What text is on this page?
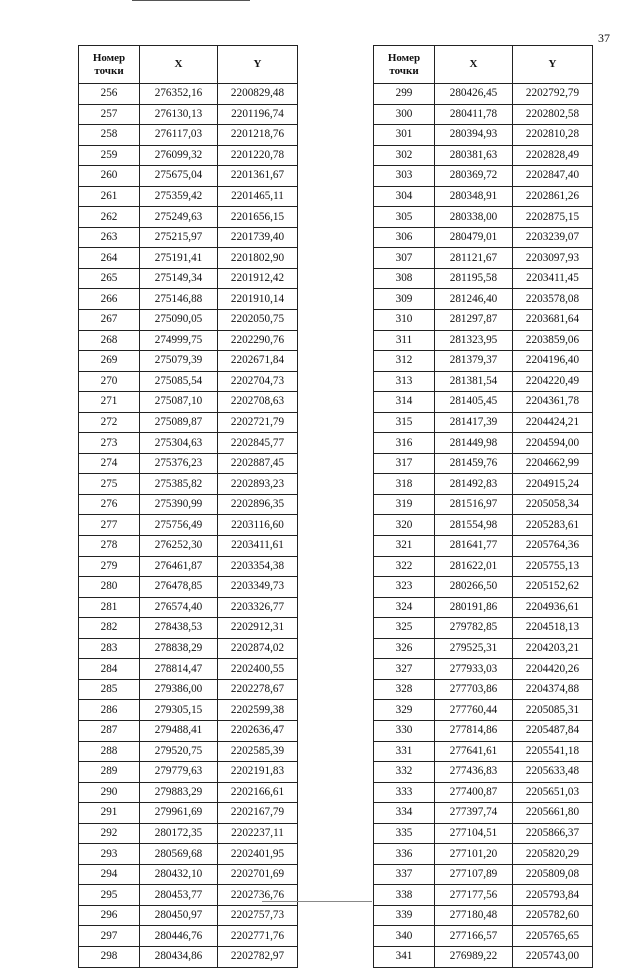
37
Номер точки	X	Y
256	276352,16	2200829,48
257	276130,13	2201196,74
258	276117,03	2201218,76
259	276099,32	2201220,78
260	275675,04	2201361,67
261	275359,42	2201465,11
262	275249,63	2201656,15
263	275215,97	2201739,40
264	275191,41	2201802,90
265	275149,34	2201912,42
266	275146,88	2201910,14
267	275090,05	2202050,75
268	274999,75	2202290,76
269	275079,39	2202671,84
270	275085,54	2202704,73
271	275087,10	2202708,63
272	275089,87	2202721,79
273	275304,63	2202845,77
274	275376,23	2202887,45
275	275385,82	2202893,23
276	275390,99	2202896,35
277	275756,49	2203116,60
278	276252,30	2203411,61
279	276461,87	2203354,38
280	276478,85	2203349,73
281	276574,40	2203326,77
282	278438,53	2202912,31
283	278838,29	2202874,02
284	278814,47	2202400,55
285	279386,00	2202278,67
286	279305,15	2202599,38
287	279488,41	2202636,47
288	279520,75	2202585,39
289	279779,63	2202191,83
290	279883,29	2202166,61
291	279961,69	2202167,79
292	280172,35	2202237,11
293	280569,68	2202401,95
294	280432,10	2202701,69
295	280453,77	2202736,76
296	280450,97	2202757,73
297	280446,76	2202771,76
298	280434,86	2202782,97
Номер точки	X	Y
299	280426,45	2202792,79
300	280411,78	2202802,58
301	280394,93	2202810,28
302	280381,63	2202828,49
303	280369,72	2202847,40
304	280348,91	2202861,26
305	280338,00	2202875,15
306	280479,01	2203239,07
307	281121,67	2203097,93
308	281195,58	2203411,45
309	281246,40	2203578,08
310	281297,87	2203681,64
311	281323,95	2203859,06
312	281379,37	2204196,40
313	281381,54	2204220,49
314	281405,45	2204361,78
315	281417,39	2204424,21
316	281449,98	2204594,00
317	281459,76	2204662,99
318	281492,83	2204915,24
319	281516,97	2205058,34
320	281554,98	2205283,61
321	281641,77	2205764,36
322	281622,01	2205755,13
323	280266,50	2205152,62
324	280191,86	2204936,61
325	279782,85	2204518,13
326	279525,31	2204203,21
327	277933,03	2204420,26
328	277703,86	2204374,88
329	277760,44	2205085,31
330	277814,86	2205487,84
331	277641,61	2205541,18
332	277436,83	2205633,48
333	277400,87	2205651,03
334	277397,74	2205661,80
335	277104,51	2205866,37
336	277101,20	2205820,29
337	277107,89	2205809,08
338	277177,56	2205793,84
339	277180,48	2205782,60
340	277166,57	2205765,65
341	276989,22	2205743,00
